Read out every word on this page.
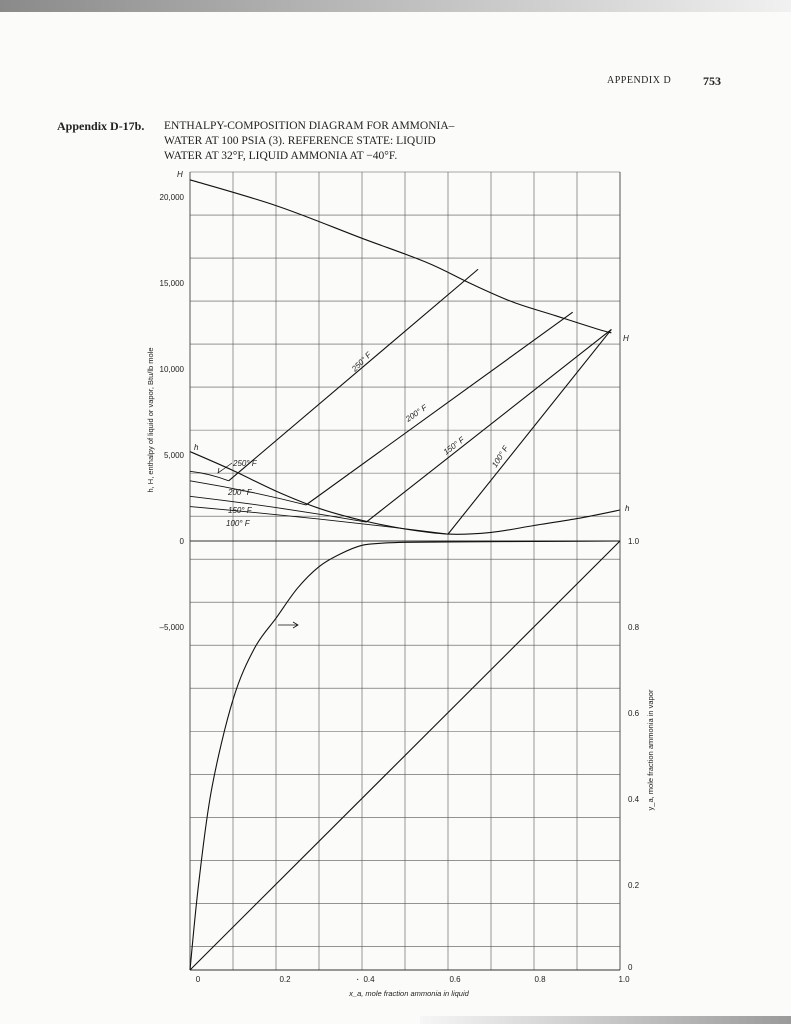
APPENDIX D	753
Appendix D-17b. ENTHALPY-COMPOSITION DIAGRAM FOR AMMONIA–
WATER AT 100 PSIA (3). REFERENCE STATE: LIQUID
WATER AT 32°F, LIQUID AMMONIA AT −40°F.
20,000
15,000
10,000
5,000
0
–5,000
0	0.2	0.4	0.6	0.8	1.0
0
0.2
0.4
0.6
0.8
1.0
·
x_a, mole fraction ammonia in liquid
h, H, enthalpy of liquid or vapor, Btu/lb mole
y_a, mole fraction ammonia in vapor
H
H
h
h
250° F
200° F
150° F	100° F
250° F
200° F
150° F
100° F
